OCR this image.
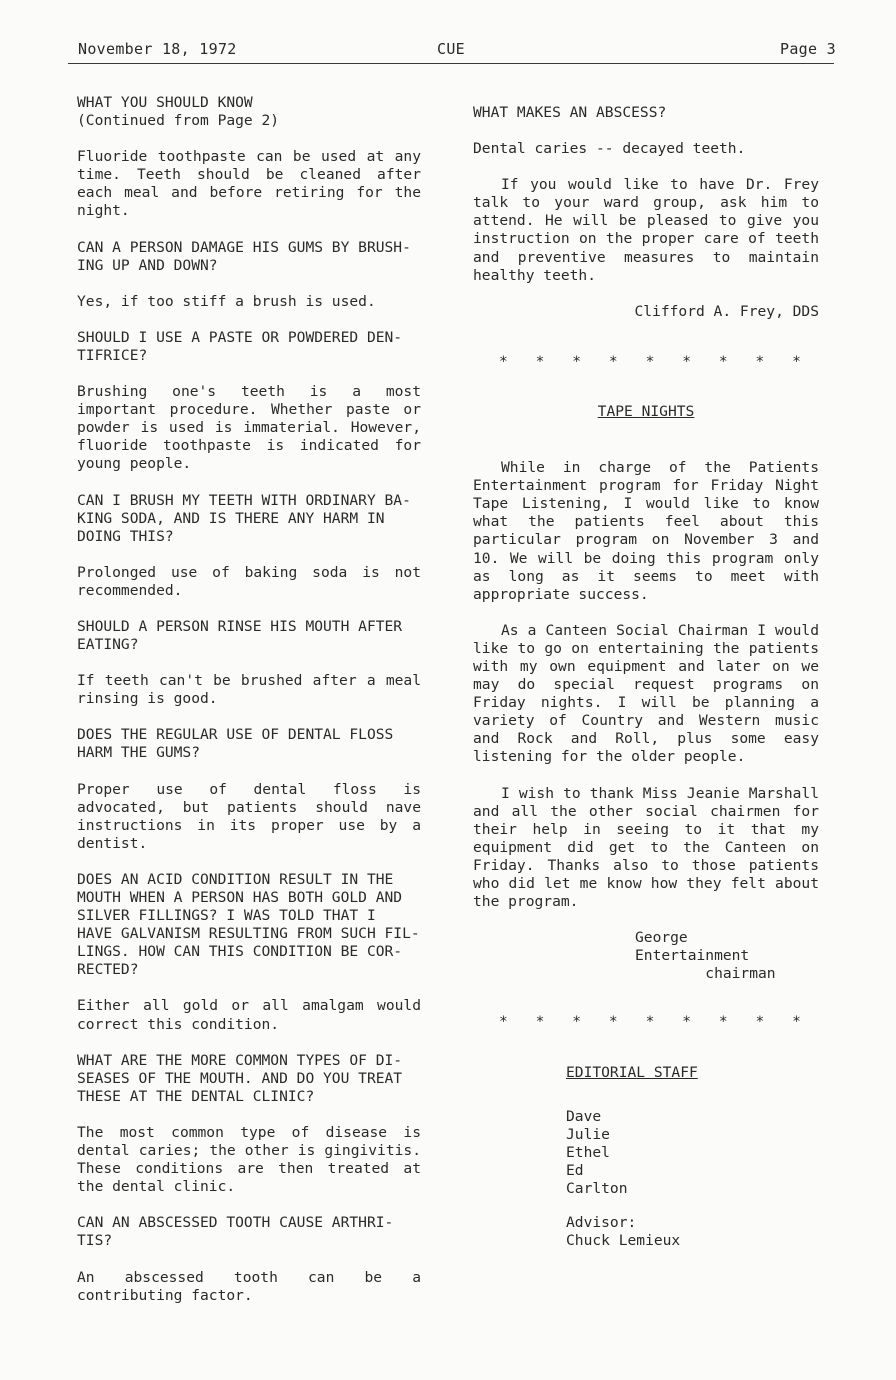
November 18, 1972	CUE	Page 3
WHAT YOU SHOULD KNOW
(Continued from Page 2)
Fluoride toothpaste can be used at any time. Teeth should be cleaned after each meal and before retiring for the night.
CAN A PERSON DAMAGE HIS GUMS BY BRUSH-
ING UP AND DOWN?
Yes, if too stiff a brush is used.
SHOULD I USE A PASTE OR POWDERED DEN-
TIFRICE?
Brushing one's teeth is a most important procedure. Whether paste or powder is used is immaterial. However, fluoride toothpaste is indicated for young people.
CAN I BRUSH MY TEETH WITH ORDINARY BA-
KING SODA, AND IS THERE ANY HARM IN
DOING THIS?
Prolonged use of baking soda is not recommended.
SHOULD A PERSON RINSE HIS MOUTH AFTER
EATING?
If teeth can't be brushed after a meal rinsing is good.
DOES THE REGULAR USE OF DENTAL FLOSS
HARM THE GUMS?
Proper use of dental floss is advocated, but patients should nave instructions in its proper use by a dentist.
DOES AN ACID CONDITION RESULT IN THE
MOUTH WHEN A PERSON HAS BOTH GOLD AND
SILVER FILLINGS? I WAS TOLD THAT I
HAVE GALVANISM RESULTING FROM SUCH FIL-
LINGS. HOW CAN THIS CONDITION BE COR-
RECTED?
Either all gold or all amalgam would correct this condition.
WHAT ARE THE MORE COMMON TYPES OF DI-
SEASES OF THE MOUTH. AND DO YOU TREAT
THESE AT THE DENTAL CLINIC?
The most common type of disease is dental caries; the other is gingivitis. These conditions are then treated at the dental clinic.
CAN AN ABSCESSED TOOTH CAUSE ARTHRI-
TIS?
An abscessed tooth can be a contributing factor.
WHAT MAKES AN ABSCESS?
Dental caries -- decayed teeth.
If you would like to have Dr. Frey talk to your ward group, ask him to attend. He will be pleased to give you instruction on the proper care of teeth and preventive measures to maintain healthy teeth.
Clifford A. Frey, DDS
* * * * * * * * *
TAPE NIGHTS
While in charge of the Patients Entertainment program for Friday Night Tape Listening, I would like to know what the patients feel about this particular program on November 3 and 10. We will be doing this program only as long as it seems to meet with appropriate success.
As a Canteen Social Chairman I would like to go on entertaining the patients with my own equipment and later on we may do special request programs on Friday nights. I will be planning a variety of Country and Western music and Rock and Roll, plus some easy listening for the older people.
I wish to thank Miss Jeanie Marshall and all the other social chairmen for their help in seeing to it that my equipment did get to the Canteen on Friday. Thanks also to those patients who did let me know how they felt about the program.
George
Entertainment
chairman
* * * * * * * * *
EDITORIAL STAFF
Dave
Julie
Ethel
Ed
Carlton
Advisor:
Chuck Lemieux
